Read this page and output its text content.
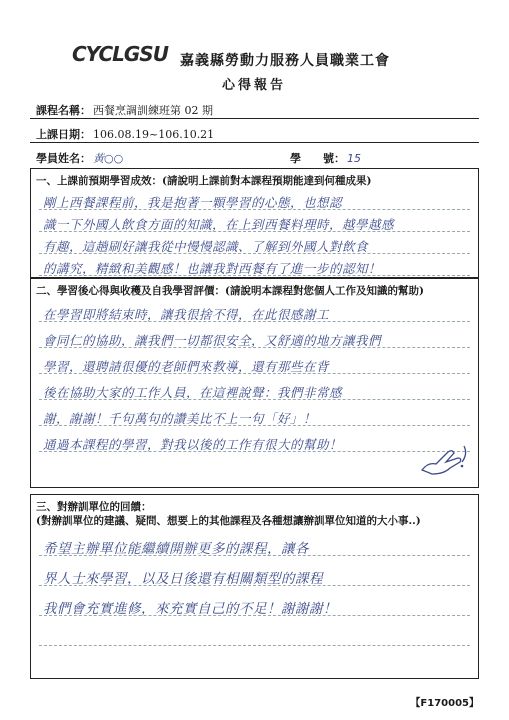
CYCLGSU 嘉義縣勞動力服務人員職業工會
心得報告
課程名稱： 西餐烹調訓練班第 02 期
上課日期： 106.08.19~106.10.21
學員姓名： 黃○○	學　　號： 15
一、上課前預期學習成效：(請說明上課前對本課程預期能達到何種成果)
剛上西餐課程前，我是抱著一顆學習的心態，也想認
識一下外國人飲食方面的知識，在上到西餐料理時，越學越感
有趣，這趟刷好讓我從中慢慢認識、了解到外國人對飲食
的講究，精緻和美觀感！也讓我對西餐有了進一步的認知！
二、學習後心得與收穫及自我學習評價：(請說明本課程對您個人工作及知識的幫助)
在學習即將結束時，讓我很捨不得，在此很感謝工
會同仁的協助，讓我們一切都很安全，又舒適的地方讓我們
學習，還聘請很優的老師們來教導，還有那些在背
後在協助大家的工作人員，在這裡說聲：我們非常感
謝，謝謝！千句萬句的讚美比不上一句「好」！
通過本課程的學習，對我以後的工作有很大的幫助！
三、對辦訓單位的回饋：
(對辦訓單位的建議、疑問、想要上的其他課程及各種想讓辦訓單位知道的大小事..)
希望主辦單位能繼續開辦更多的課程，讓各
界人士來學習，以及日後還有相關類型的課程
我們會充實進修，來充實自己的不足！謝謝謝！
【F170005】
